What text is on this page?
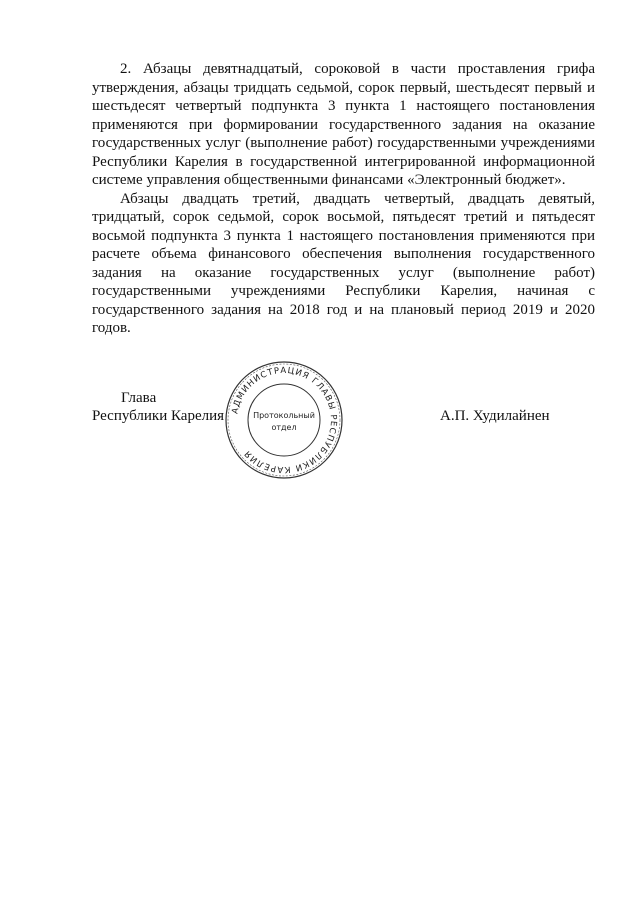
2. Абзацы девятнадцатый, сороковой в части проставления грифа утверждения, абзацы тридцать седьмой, сорок первый, шестьдесят первый и шестьдесят четвертый подпункта 3 пункта 1 настоящего постановления применяются при формировании государственного задания на оказание государственных услуг (выполнение работ) государственными учреждениями Республики Карелия в государственной интегрированной информационной системе управления общественными финансами «Электронный бюджет».

Абзацы двадцать третий, двадцать четвертый, двадцать девятый, тридцатый, сорок седьмой, сорок восьмой, пятьдесят третий и пятьдесят восьмой подпункта 3 пункта 1 настоящего постановления применяются при расчете объема финансового обеспечения выполнения государственного задания на оказание государственных услуг (выполнение работ) государственными учреждениями Республики Карелия, начиная с государственного задания на 2018 год и на плановый период 2019 и 2020 годов.

Глава
Республики Карелия	А.П. Худилайнен
АДМИНИСТРАЦИЯ ГЛАВЫ РЕСПУБЛИКИ КАРЕЛИЯ
Протокольный
отдел
